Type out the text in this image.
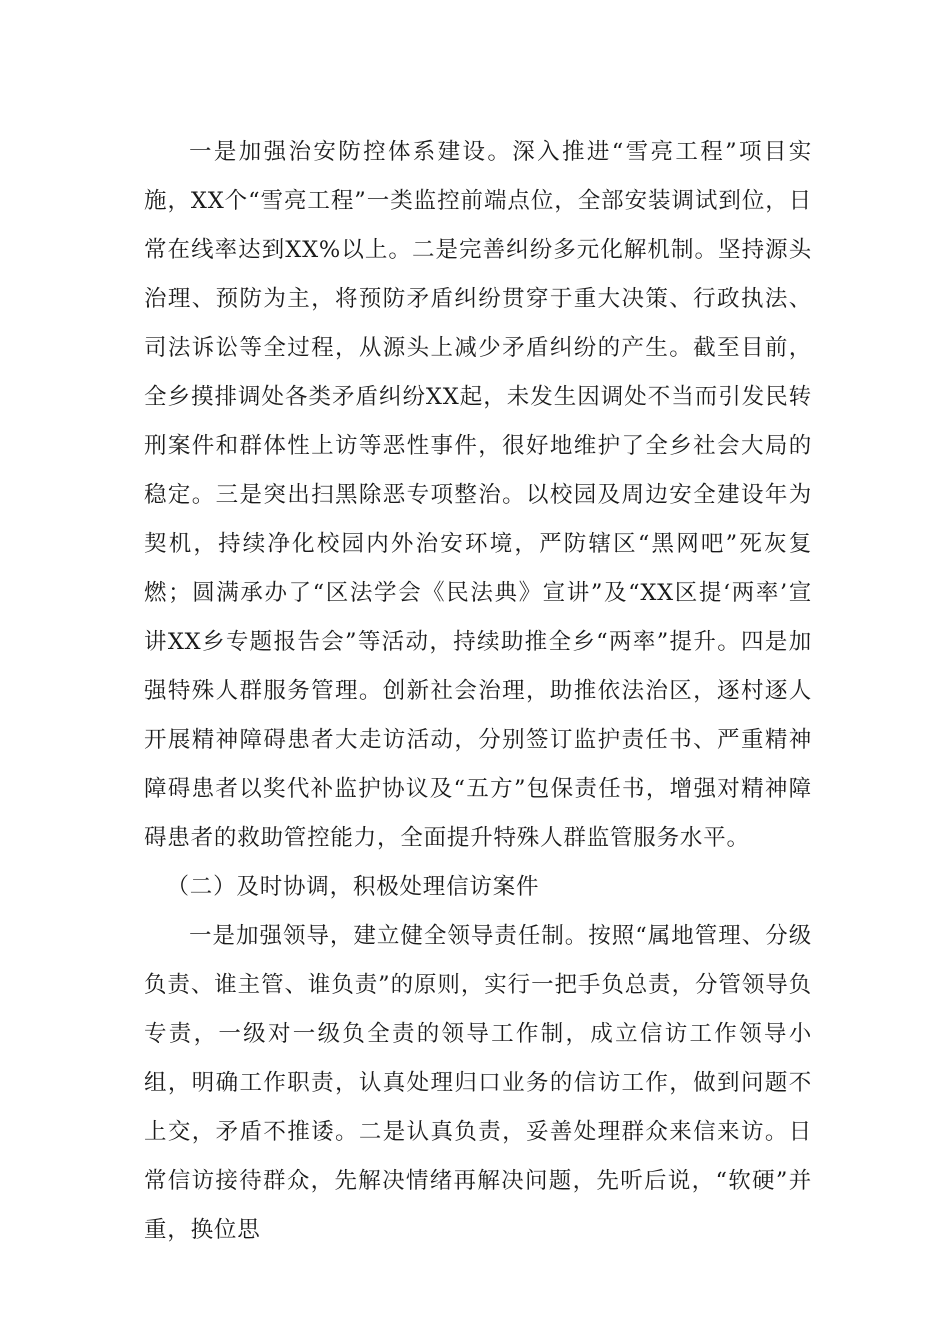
一是加强治安防控体系建设。深入推进“雪亮工程”项目实施，XX个“雪亮工程”一类监控前端点位，全部安装调试到位，日常在线率达到XX%以上。二是完善纠纷多元化解机制。坚持源头治理、预防为主，将预防矛盾纠纷贯穿于重大决策、行政执法、司法诉讼等全过程，从源头上减少矛盾纠纷的产生。截至目前，全乡摸排调处各类矛盾纠纷XX起，未发生因调处不当而引发民转刑案件和群体性上访等恶性事件，很好地维护了全乡社会大局的稳定。三是突出扫黑除恶专项整治。以校园及周边安全建设年为契机，持续净化校园内外治安环境，严防辖区“黑网吧”死灰复燃；圆满承办了“区法学会《民法典》宣讲”及“XX区提‘两率’宣讲XX乡专题报告会”等活动，持续助推全乡“两率”提升。四是加强特殊人群服务管理。创新社会治理，助推依法治区，逐村逐人开展精神障碍患者大走访活动，分别签订监护责任书、严重精神障碍患者以奖代补监护协议及“五方”包保责任书，增强对精神障碍患者的救助管控能力，全面提升特殊人群监管服务水平。

（二）及时协调，积极处理信访案件

一是加强领导，建立健全领导责任制。按照“属地管理、分级负责、谁主管、谁负责”的原则，实行一把手负总责，分管领导负专责，一级对一级负全责的领导工作制，成立信访工作领导小组，明确工作职责，认真处理归口业务的信访工作，做到问题不上交，矛盾不推诿。二是认真负责，妥善处理群众来信来访。日常信访接待群众，先解决情绪再解决问题，先听后说，“软硬”并重，换位思
